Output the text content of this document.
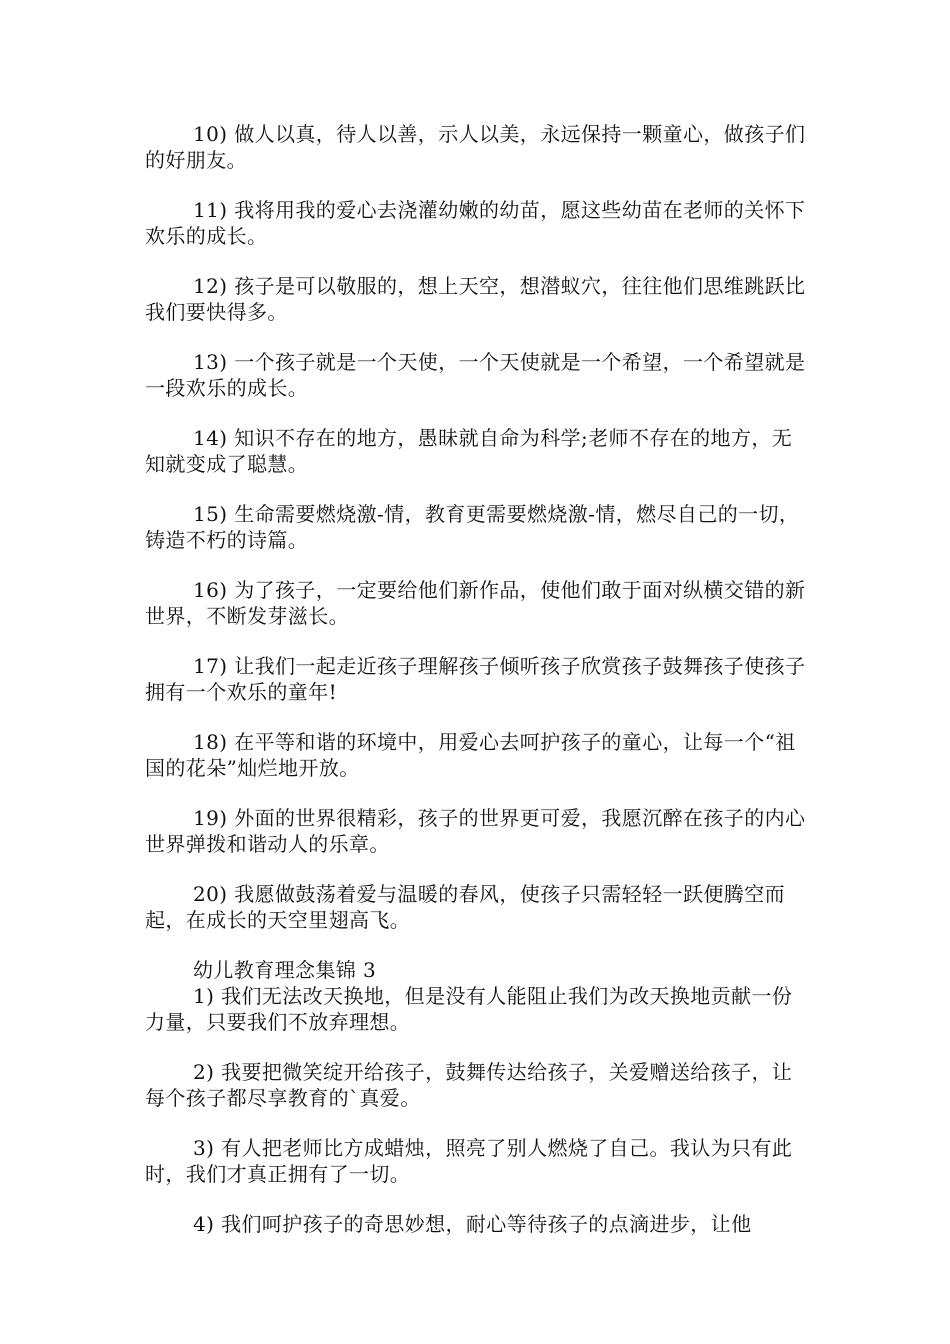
10) 做人以真，待人以善，示人以美，永远保持一颗童心，做孩子们的好朋友。

11) 我将用我的爱心去浇灌幼嫩的幼苗，愿这些幼苗在老师的关怀下欢乐的成长。

12) 孩子是可以敬服的，想上天空，想潜蚁穴，往往他们思维跳跃比我们要快得多。

13) 一个孩子就是一个天使，一个天使就是一个希望，一个希望就是一段欢乐的成长。

14) 知识不存在的地方，愚昧就自命为科学;老师不存在的地方，无知就变成了聪慧。

15) 生命需要燃烧激-情，教育更需要燃烧激-情，燃尽自己的一切，铸造不朽的诗篇。

16) 为了孩子，一定要给他们新作品，使他们敢于面对纵横交错的新世界，不断发芽滋长。

17) 让我们一起走近孩子理解孩子倾听孩子欣赏孩子鼓舞孩子使孩子拥有一个欢乐的童年!

18) 在平等和谐的环境中，用爱心去呵护孩子的童心，让每一个“祖国的花朵”灿烂地开放。

19) 外面的世界很精彩，孩子的世界更可爱，我愿沉醉在孩子的内心世界弹拨和谐动人的乐章。

20) 我愿做鼓荡着爱与温暖的春风，使孩子只需轻轻一跃便腾空而起，在成长的天空里翅高飞。

幼儿教育理念集锦 3

1) 我们无法改天换地，但是没有人能阻止我们为改天换地贡献一份力量，只要我们不放弃理想。

2) 我要把微笑绽开给孩子，鼓舞传达给孩子，关爱赠送给孩子，让每个孩子都尽享教育的`真爱。

3) 有人把老师比方成蜡烛，照亮了别人燃烧了自己。我认为只有此时，我们才真正拥有了一切。

4) 我们呵护孩子的奇思妙想，耐心等待孩子的点滴进步，让他
